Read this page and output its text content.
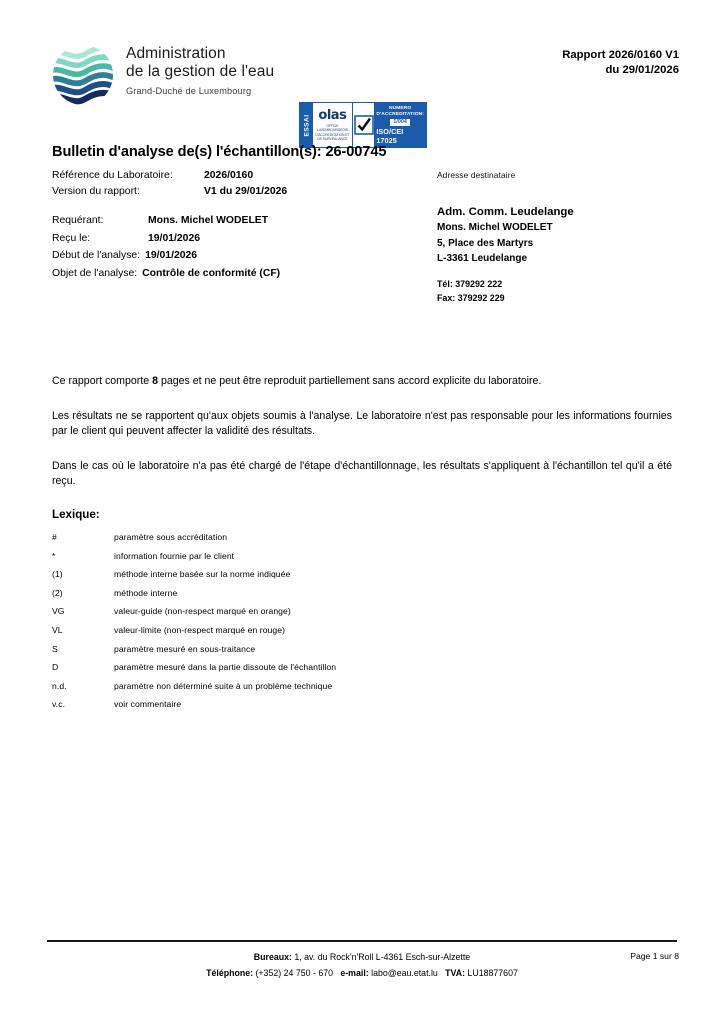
Administration
de la gestion de l'eau
Grand-Duché de Luxembourg
ESSAI olas
OFFICE LUXEMBOURGEOIS D'ACCREDITATION ET DE SURVEILLANCE
NUMERO
D'ACCREDITATION:
1/004
ISO/CEI 17025
Rapport 2026/0160 V1
du 29/01/2026
Bulletin d'analyse de(s) l'échantillon(s): 26-00745
Référence du Laboratoire:	2026/0160
Version du rapport:	V1 du 29/01/2026
Requérant:	Mons. Michel WODELET
Reçu le:	19/01/2026
Début de l'analyse: 19/01/2026
Objet de l'analyse: Contrôle de conformité (CF)
Adresse destinataire
Adm. Comm. Leudelange
Mons. Michel WODELET
5, Place des Martyrs
L-3361 Leudelange
Tél: 379292 222
Fax: 379292 229

Ce rapport comporte 8 pages et ne peut être reproduit partiellement sans accord explicite du laboratoire.

Les résultats ne se rapportent qu'aux objets soumis à l'analyse. Le laboratoire n'est pas responsable pour les informations fournies par le client qui peuvent affecter la validité des résultats.

Dans le cas où le laboratoire n'a pas été chargé de l'étape d'échantillonnage, les résultats s'appliquent à l'échantillon tel qu'il a été reçu.

Lexique:
#	paramètre sous accréditation
*	information fournie par le client
(1)	méthode interne basée sur la norme indiquée
(2)	méthode interne
VG	valeur-guide (non-respect marqué en orange)
VL	valeur-limite (non-respect marqué en rouge)
S	paramètre mesuré en sous-traitance
D	paramètre mesuré dans la partie dissoute de l'échantillon
n.d.	paramètre non déterminé suite à un problème technique
v.c.	voir commentaire
Bureaux: 1, av. du Rock'n'Roll L-4361 Esch-sur-Alzette
Téléphone: (+352) 24 750 - 670 e-mail: labo@eau.etat.lu TVA: LU18877607
Page 1 sur 8
